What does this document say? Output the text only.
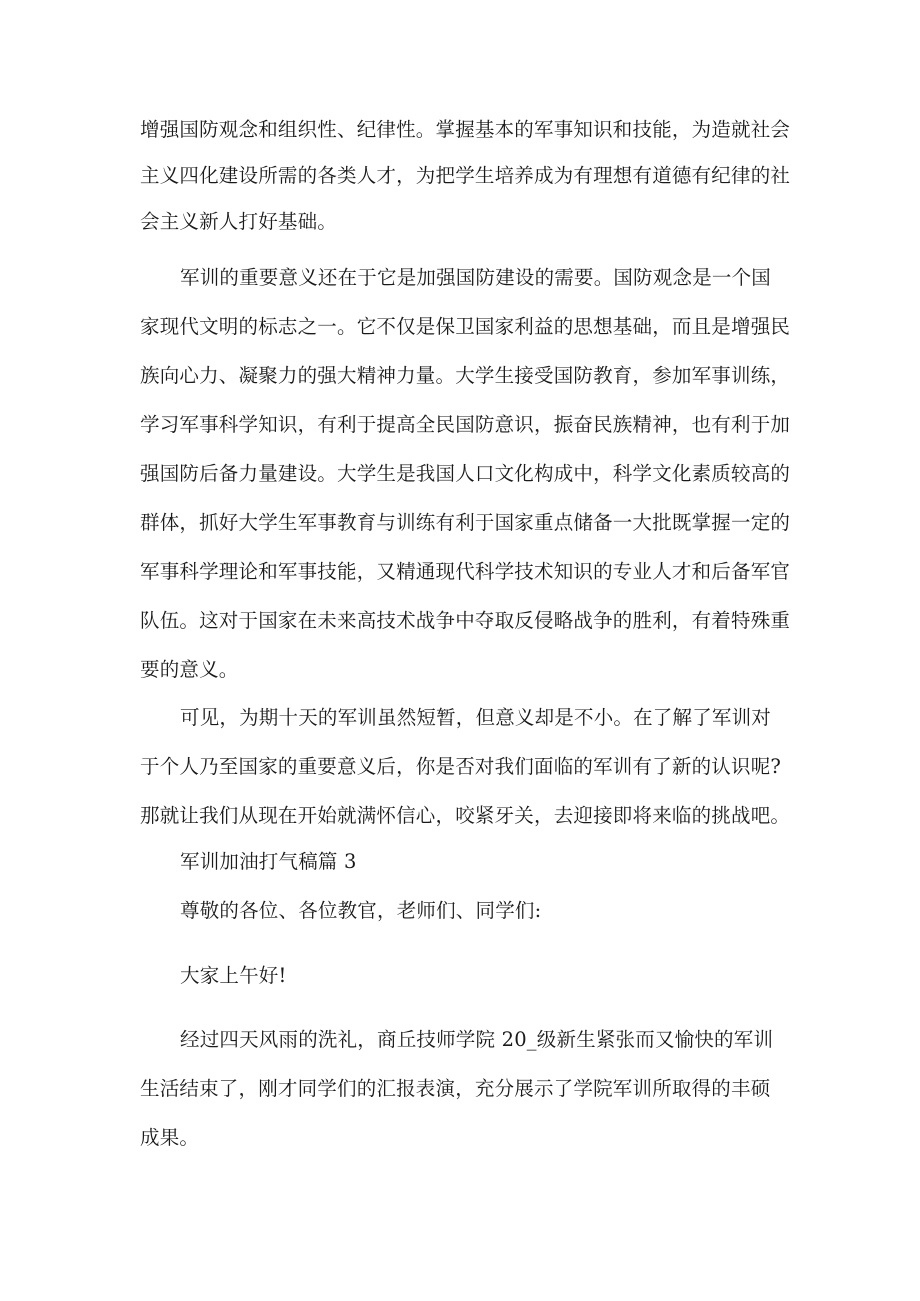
增强国防观念和组织性、纪律性。掌握基本的军事知识和技能，为造就社会
主义四化建设所需的各类人才，为把学生培养成为有理想有道德有纪律的社
会主义新人打好基础。
军训的重要意义还在于它是加强国防建设的需要。国防观念是一个国
家现代文明的标志之一。它不仅是保卫国家利益的思想基础，而且是增强民
族向心力、凝聚力的强大精神力量。大学生接受国防教育，参加军事训练，
学习军事科学知识，有利于提高全民国防意识，振奋民族精神，也有利于加
强国防后备力量建设。大学生是我国人口文化构成中，科学文化素质较高的
群体，抓好大学生军事教育与训练有利于国家重点储备一大批既掌握一定的
军事科学理论和军事技能，又精通现代科学技术知识的专业人才和后备军官
队伍。这对于国家在未来高技术战争中夺取反侵略战争的胜利，有着特殊重
要的意义。
可见，为期十天的军训虽然短暂，但意义却是不小。在了解了军训对
于个人乃至国家的重要意义后，你是否对我们面临的军训有了新的认识呢?
那就让我们从现在开始就满怀信心，咬紧牙关，去迎接即将来临的挑战吧。
军训加油打气稿篇 3
尊敬的各位、各位教官，老师们、同学们:
大家上午好!
经过四天风雨的洗礼，商丘技师学院 20_级新生紧张而又愉快的军训
生活结束了，刚才同学们的汇报表演，充分展示了学院军训所取得的丰硕
成果。
